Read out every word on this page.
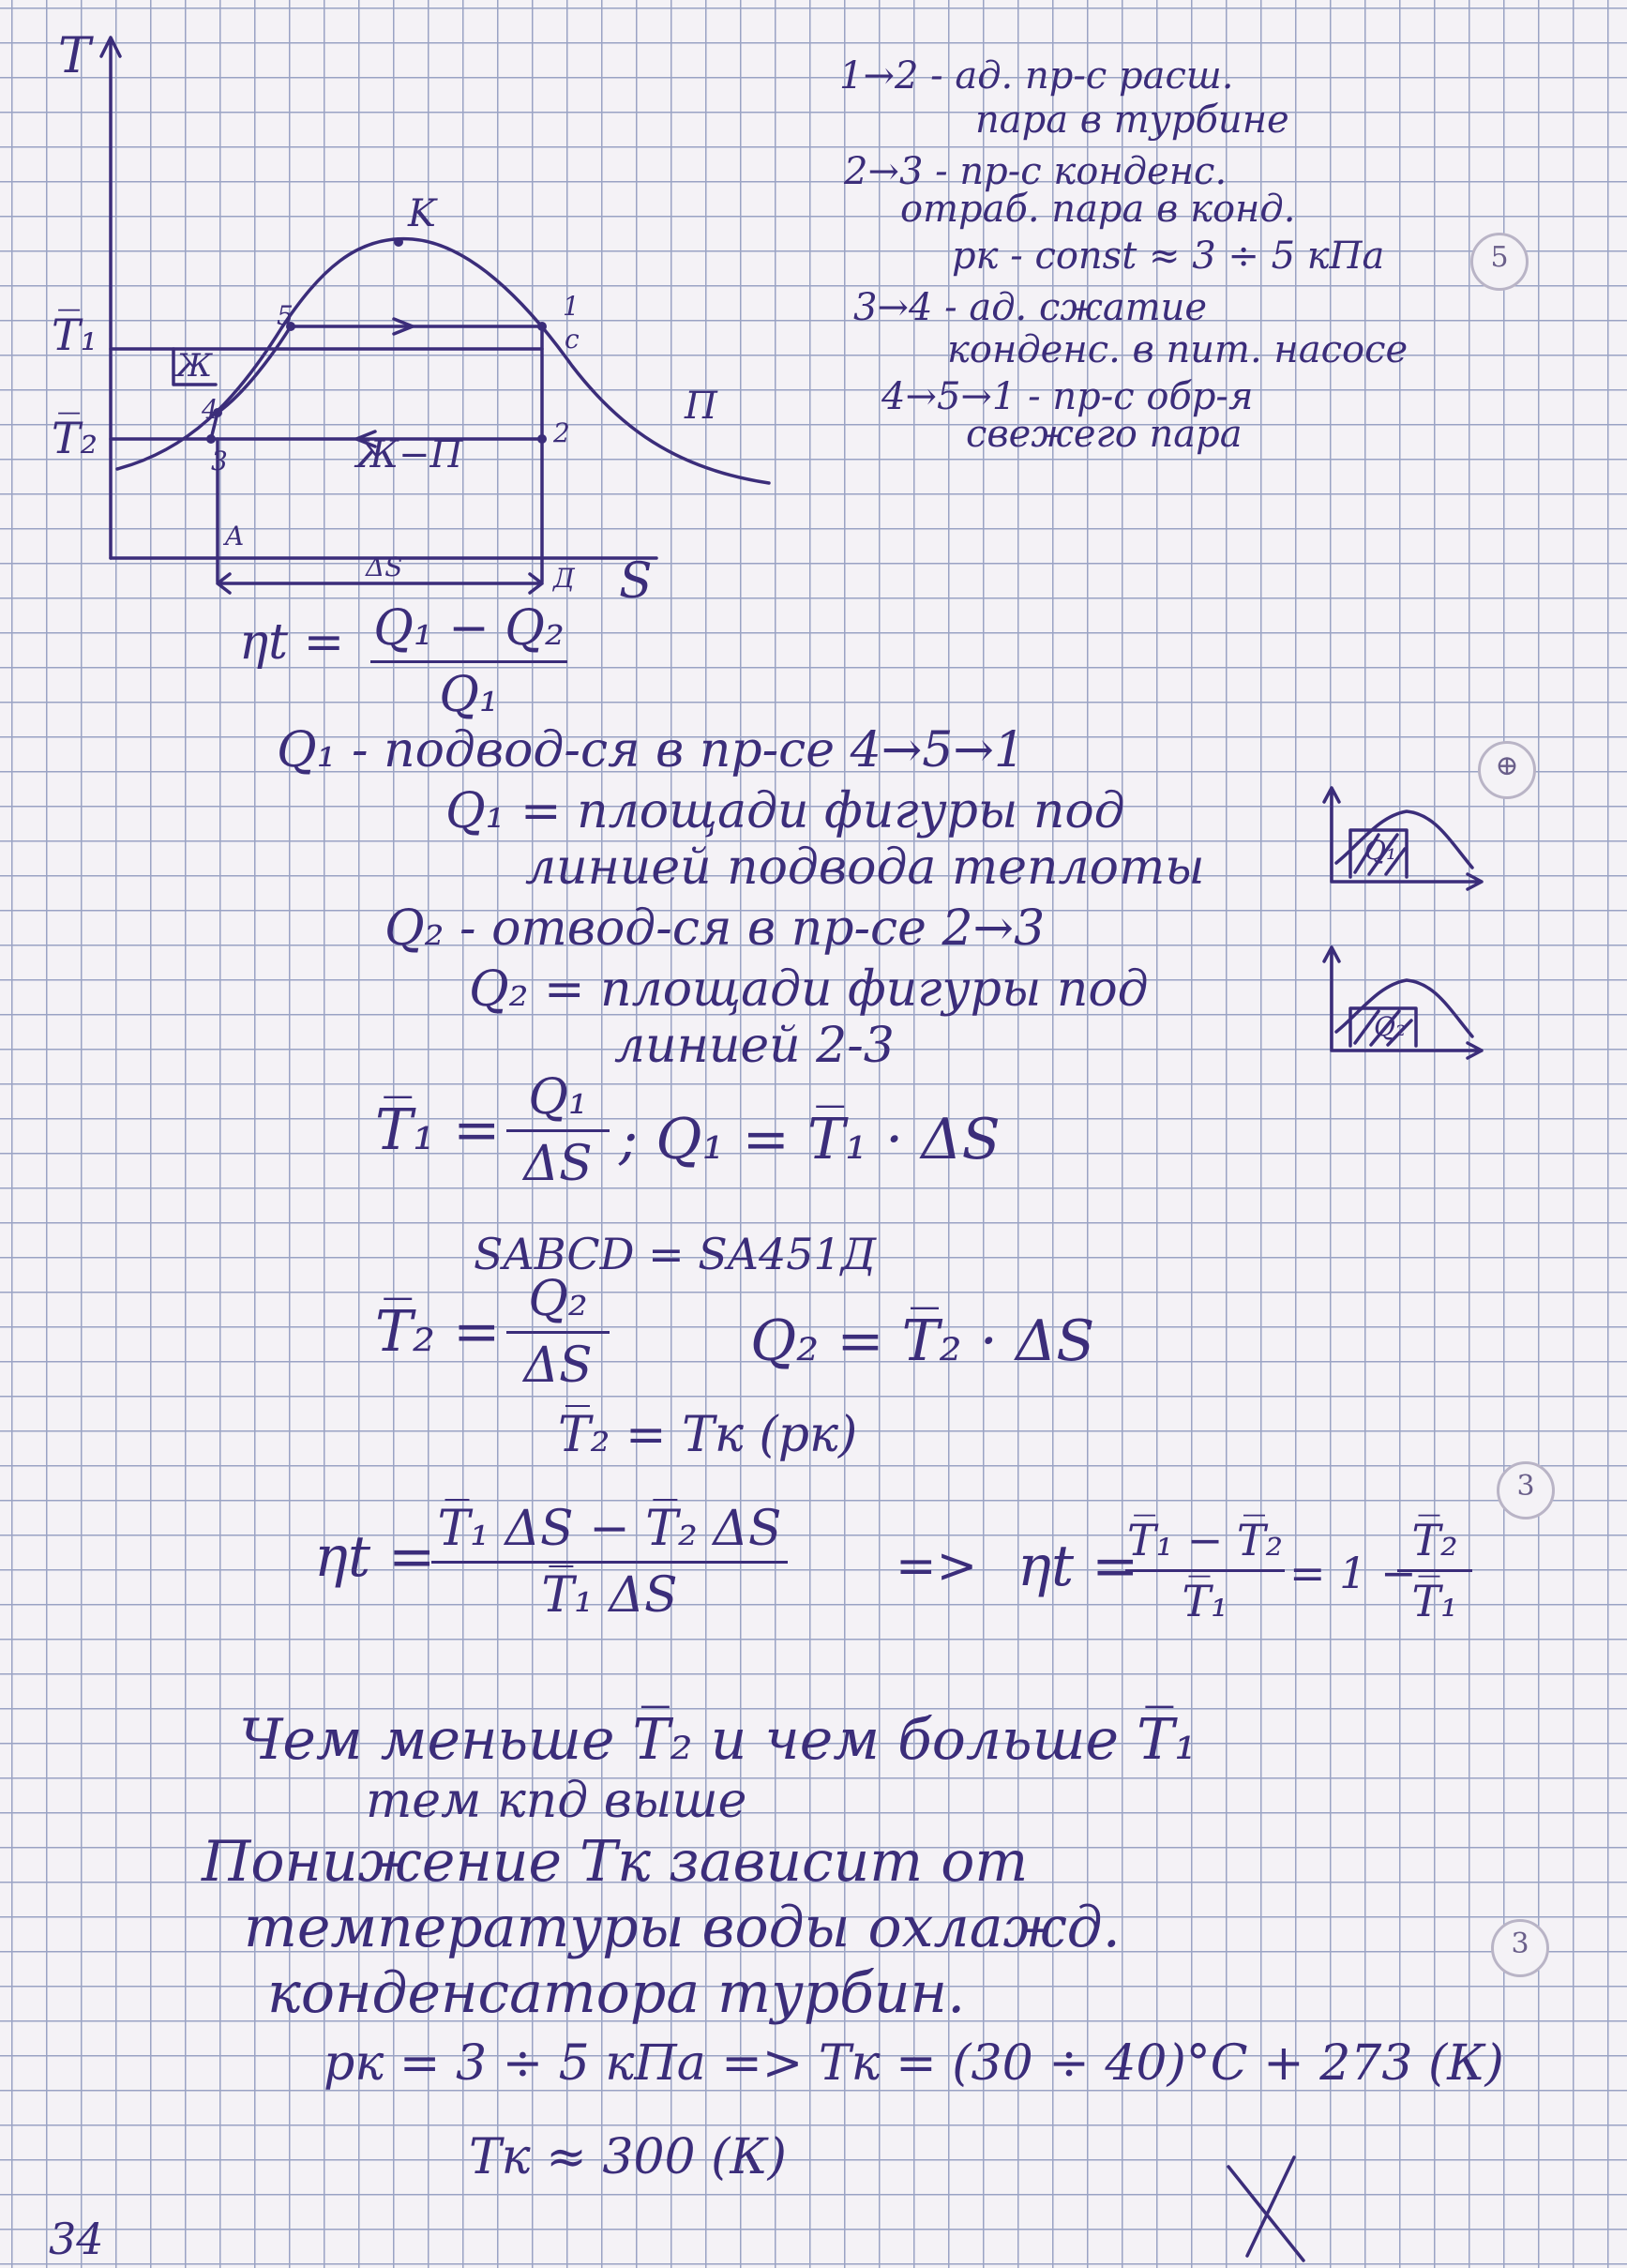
5
⊕
3
3
T
S
T̅₁
T̅₂
K
1
c
2
3
4
5
A
Д
Ж
П
Ж−П
ΔS
1→2 - ад. пр-с расш.
пара в турбине
2→3 - пр-с конденс.
отраб. пара в конд.
pк - const ≈ 3 ÷ 5 кПа
3→4 - ад. сжатие
конденс. в пит. насосе
4→5→1 - пр-с обр-я
свежего пара
ηt = Q₁ − Q₂
Q₁
Q₁ - подвод-ся в пр-се 4→5→1
Q₁ = площади фигуры под
линией подвода теплоты
Q₂ - отвод-ся в пр-се 2→3
Q₂ = площади фигуры под
линией 2-3
Q₁
Q₂
T̅₁ = Q₁
ΔS ; Q₁ = T̅₁ · ΔS
SABCD = SA451Д
T̅₂ = Q₂
ΔS	Q₂ = T̅₂ · ΔS
T̅₂ = Tк (pк)
ηt = T̅₁ ΔS − T̅₂ ΔS
T̅₁ ΔS
=> ηt =
T̅₁ − T̅₂
T̅₁
= 1 −
T̅₂
T̅₁
Чем меньше T̅₂ и чем больше T̅₁
тем кпд выше
Понижение Tк зависит от
температуры воды охлажд.
конденсатора турбин.
pк = 3 ÷ 5 кПа => Tк = (30 ÷ 40)°C + 273 (К)
Tк ≈ 300 (К)
34
